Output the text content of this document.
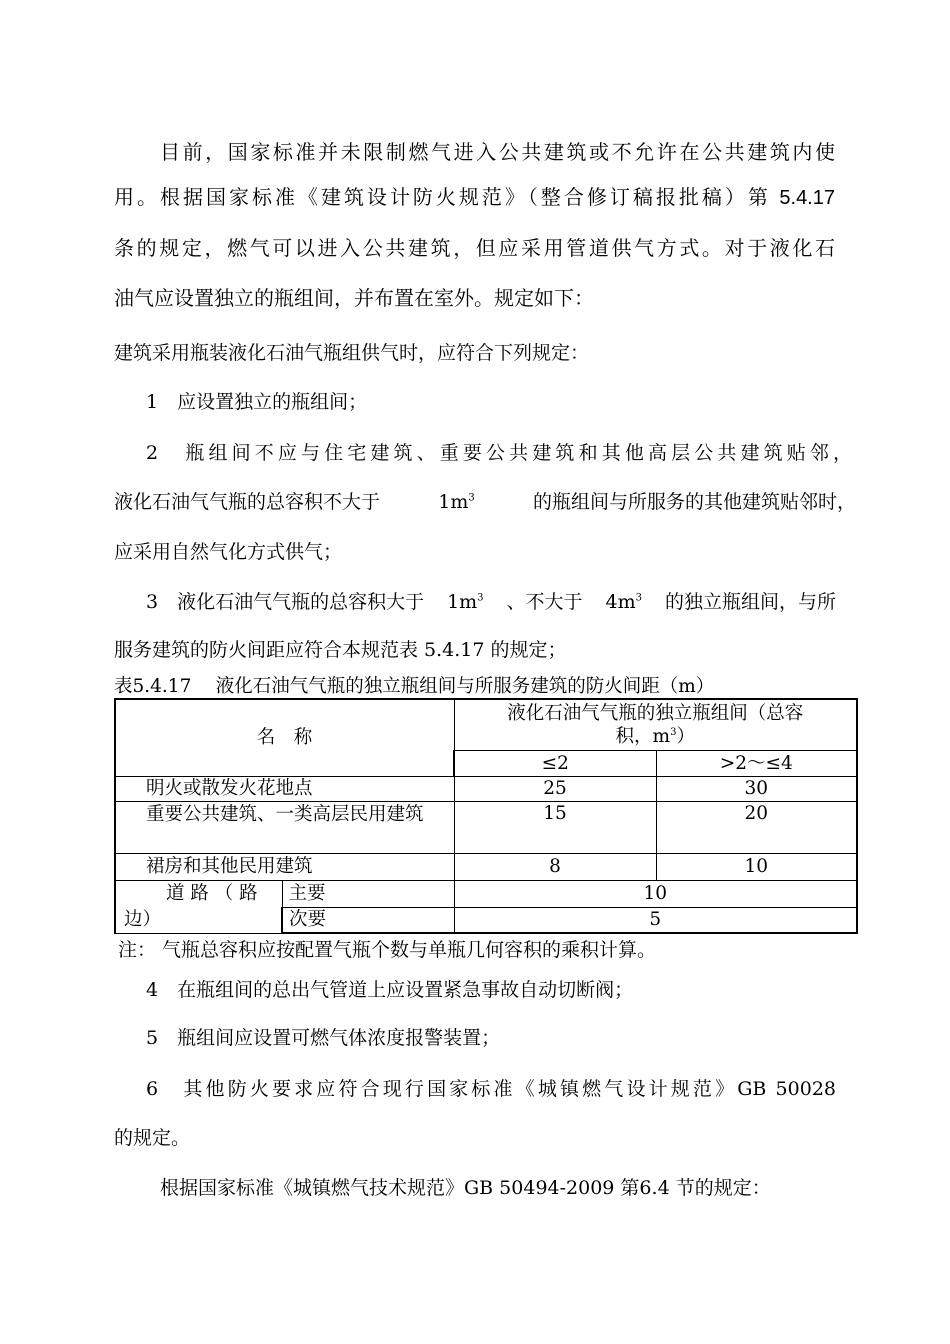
目前，国家标准并未限制燃气进入公共建筑或不允许在公共建筑内使
用。根据国家标准《建筑设计防火规范》（整合修订稿报批稿）第 5.4.17
条的规定，燃气可以进入公共建筑，但应采用管道供气方式。对于液化石
油气应设置独立的瓶组间，并布置在室外。规定如下：
建筑采用瓶装液化石油气瓶组供气时，应符合下列规定：
1　应设置独立的瓶组间；
2　瓶组间不应与住宅建筑、重要公共建筑和其他高层公共建筑贴邻，
液化石油气气瓶的总容积不大于	$1m^3$	的瓶组间与所服务的其他建筑贴邻时，
应采用自然气化方式供气；
3　液化石油气气瓶的总容积大于 $1m^3$ 、不大于 $4m^3$ 的独立瓶组间，与所
服务建筑的防火间距应符合本规范表 5.4.17 的规定；
表5.4.17　 液化石油气气瓶的独立瓶组间与所服务建筑的防火间距（m）
名　称		液化石油气气瓶的独立瓶组间（总容
积，$m^3$）	
		≤2	>2～≤4
明火或散发火花地点		25	30
重要公共建筑、一类高层民用建筑		15	20
裙房和其他民用建筑		8	10
道 路 （ 路边）	主要	10	
	次要	5	
注： 气瓶总容积应按配置气瓶个数与单瓶几何容积的乘积计算。
4　在瓶组间的总出气管道上应设置紧急事故自动切断阀；
5　瓶组间应设置可燃气体浓度报警装置；
6　其他防火要求应符合现行国家标准《城镇燃气设计规范》GB 50028
的规定。
根据国家标准《城镇燃气技术规范》GB 50494-2009 第6.4 节的规定：
